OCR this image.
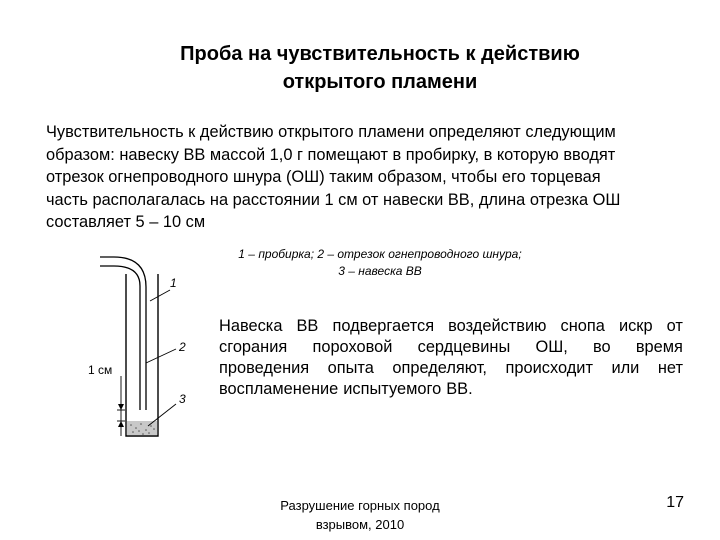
Проба на чувствительность к действию
открытого пламени
Чувствительность к действию открытого пламени определяют следующим
образом: навеску ВВ массой 1,0 г помещают в пробирку, в которую вводят
отрезок огнепроводного шнура (ОШ) таким образом, чтобы его торцевая
часть располагалась на расстоянии 1 см от навески ВВ, длина отрезка ОШ
составляет 5 – 10 см
1 – пробирка; 2 – отрезок огнепроводного шнура;
3 – навеска ВВ
1
2
3
1 см
Навеска ВВ подвергается воздействию снопа искр от
сгорания пороховой сердцевины ОШ, во время
проведения опыта определяют, происходит или нет
воспламенение испытуемого ВВ.
Разрушение горных пород
взрывом, 2010
17
